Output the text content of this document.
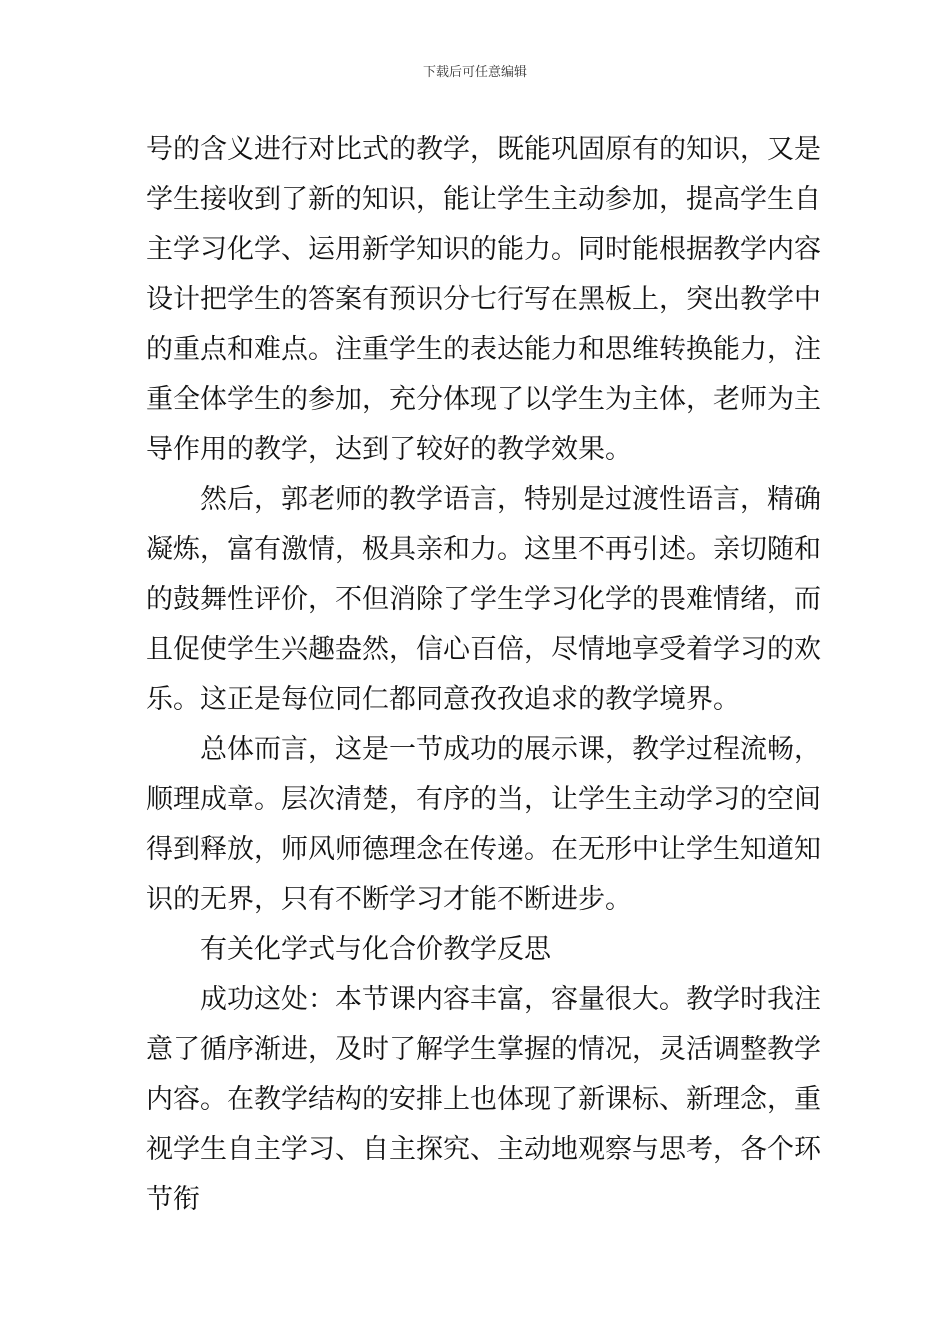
下载后可任意编辑
号的含义进行对比式的教学，既能巩固原有的知识，又是
学生接收到了新的知识，能让学生主动参加，提高学生自
主学习化学、运用新学知识的能力。同时能根据教学内容
设计把学生的答案有预识分七行写在黑板上，突出教学中
的重点和难点。注重学生的表达能力和思维转换能力，注
重全体学生的参加，充分体现了以学生为主体，老师为主
导作用的教学，达到了较好的教学效果。
然后，郭老师的教学语言，特别是过渡性语言，精确
凝炼，富有激情，极具亲和力。这里不再引述。亲切随和
的鼓舞性评价，不但消除了学生学习化学的畏难情绪，而
且促使学生兴趣盎然，信心百倍，尽情地享受着学习的欢
乐。这正是每位同仁都同意孜孜追求的教学境界。
总体而言，这是一节成功的展示课，教学过程流畅，
顺理成章。层次清楚，有序的当，让学生主动学习的空间
得到释放，师风师德理念在传递。在无形中让学生知道知
识的无界，只有不断学习才能不断进步。
有关化学式与化合价教学反思
成功这处：本节课内容丰富，容量很大。教学时我注
意了循序渐进，及时了解学生掌握的情况，灵活调整教学
内容。在教学结构的安排上也体现了新课标、新理念，重
视学生自主学习、自主探究、主动地观察与思考，各个环
节衔
